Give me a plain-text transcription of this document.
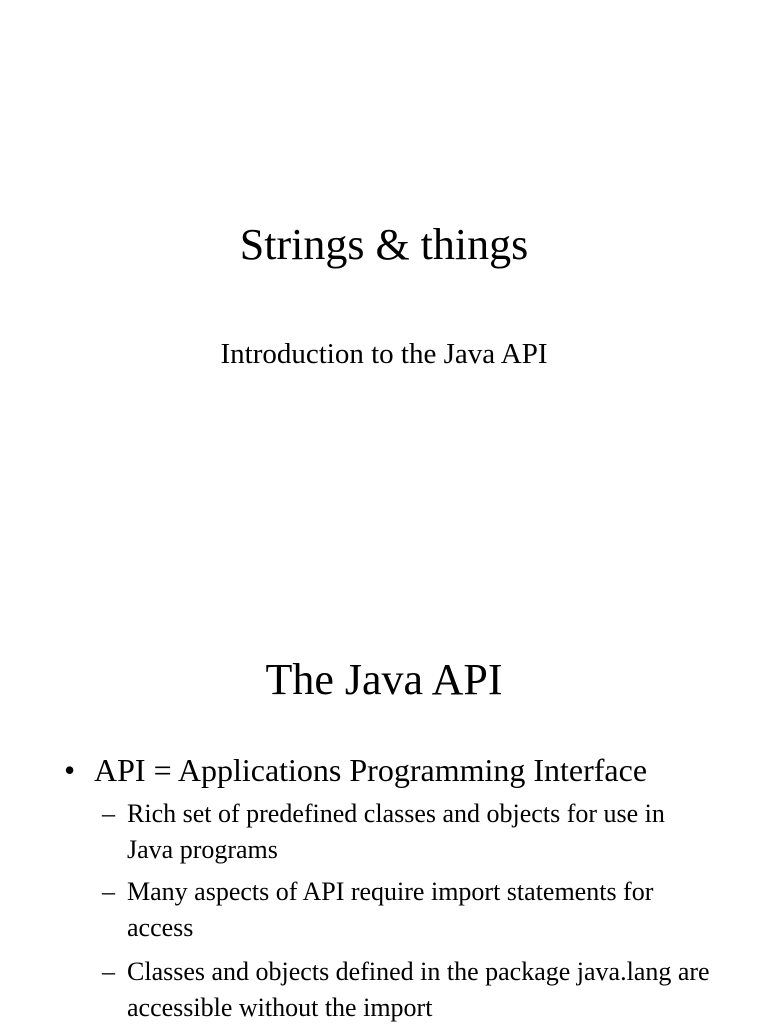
Strings & things
Introduction to the Java API
The Java API
• API = Applications Programming Interface
– Rich set of predefined classes and objects for use in Java programs
– Many aspects of API require import statements for access
– Classes and objects defined in the package java.lang are accessible without the import
